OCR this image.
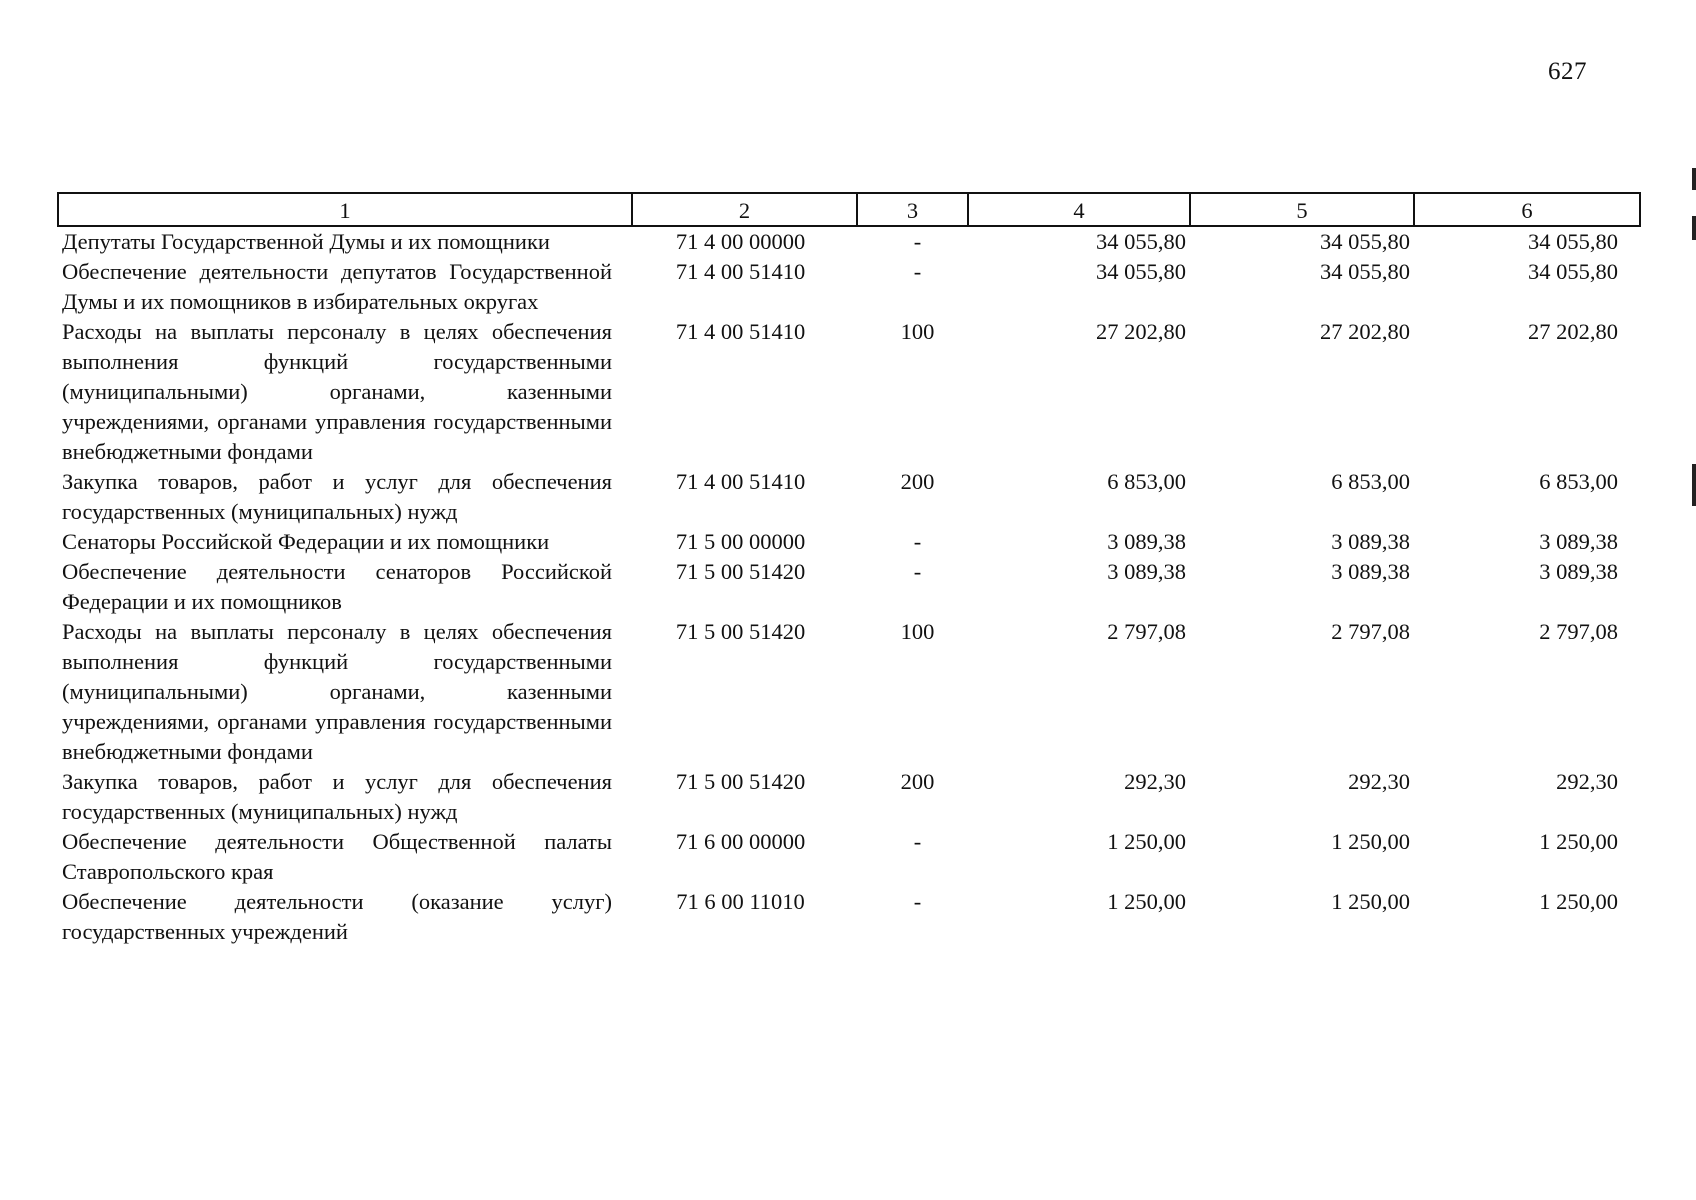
627
1	2	3	4	5	6
Депутаты Государственной Думы и их помощники	71 4 00 00000	-	34 055,80	34 055,80	34 055,80
Обеспечение деятельности депутатов Государственной Думы и их помощников в избирательных округах	71 4 00 51410	-	34 055,80	34 055,80	34 055,80
Расходы на выплаты персоналу в целях обеспечения выполнения функций государственными (муниципальными) органами, казенными учреждениями, органами управления государственными внебюджетными фондами	71 4 00 51410	100	27 202,80	27 202,80	27 202,80
Закупка товаров, работ и услуг для обеспечения государственных (муниципальных) нужд	71 4 00 51410	200	6 853,00	6 853,00	6 853,00
Сенаторы Российской Федерации и их помощники	71 5 00 00000	-	3 089,38	3 089,38	3 089,38
Обеспечение деятельности сенаторов Российской Федерации и их помощников	71 5 00 51420	-	3 089,38	3 089,38	3 089,38
Расходы на выплаты персоналу в целях обеспечения выполнения функций государственными (муниципальными) органами, казенными учреждениями, органами управления государственными внебюджетными фондами	71 5 00 51420	100	2 797,08	2 797,08	2 797,08
Закупка товаров, работ и услуг для обеспечения государственных (муниципальных) нужд	71 5 00 51420	200	292,30	292,30	292,30
Обеспечение деятельности Общественной палаты Ставропольского края	71 6 00 00000	-	1 250,00	1 250,00	1 250,00
Обеспечение деятельности (оказание услуг) государственных учреждений	71 6 00 11010	-	1 250,00	1 250,00	1 250,00
